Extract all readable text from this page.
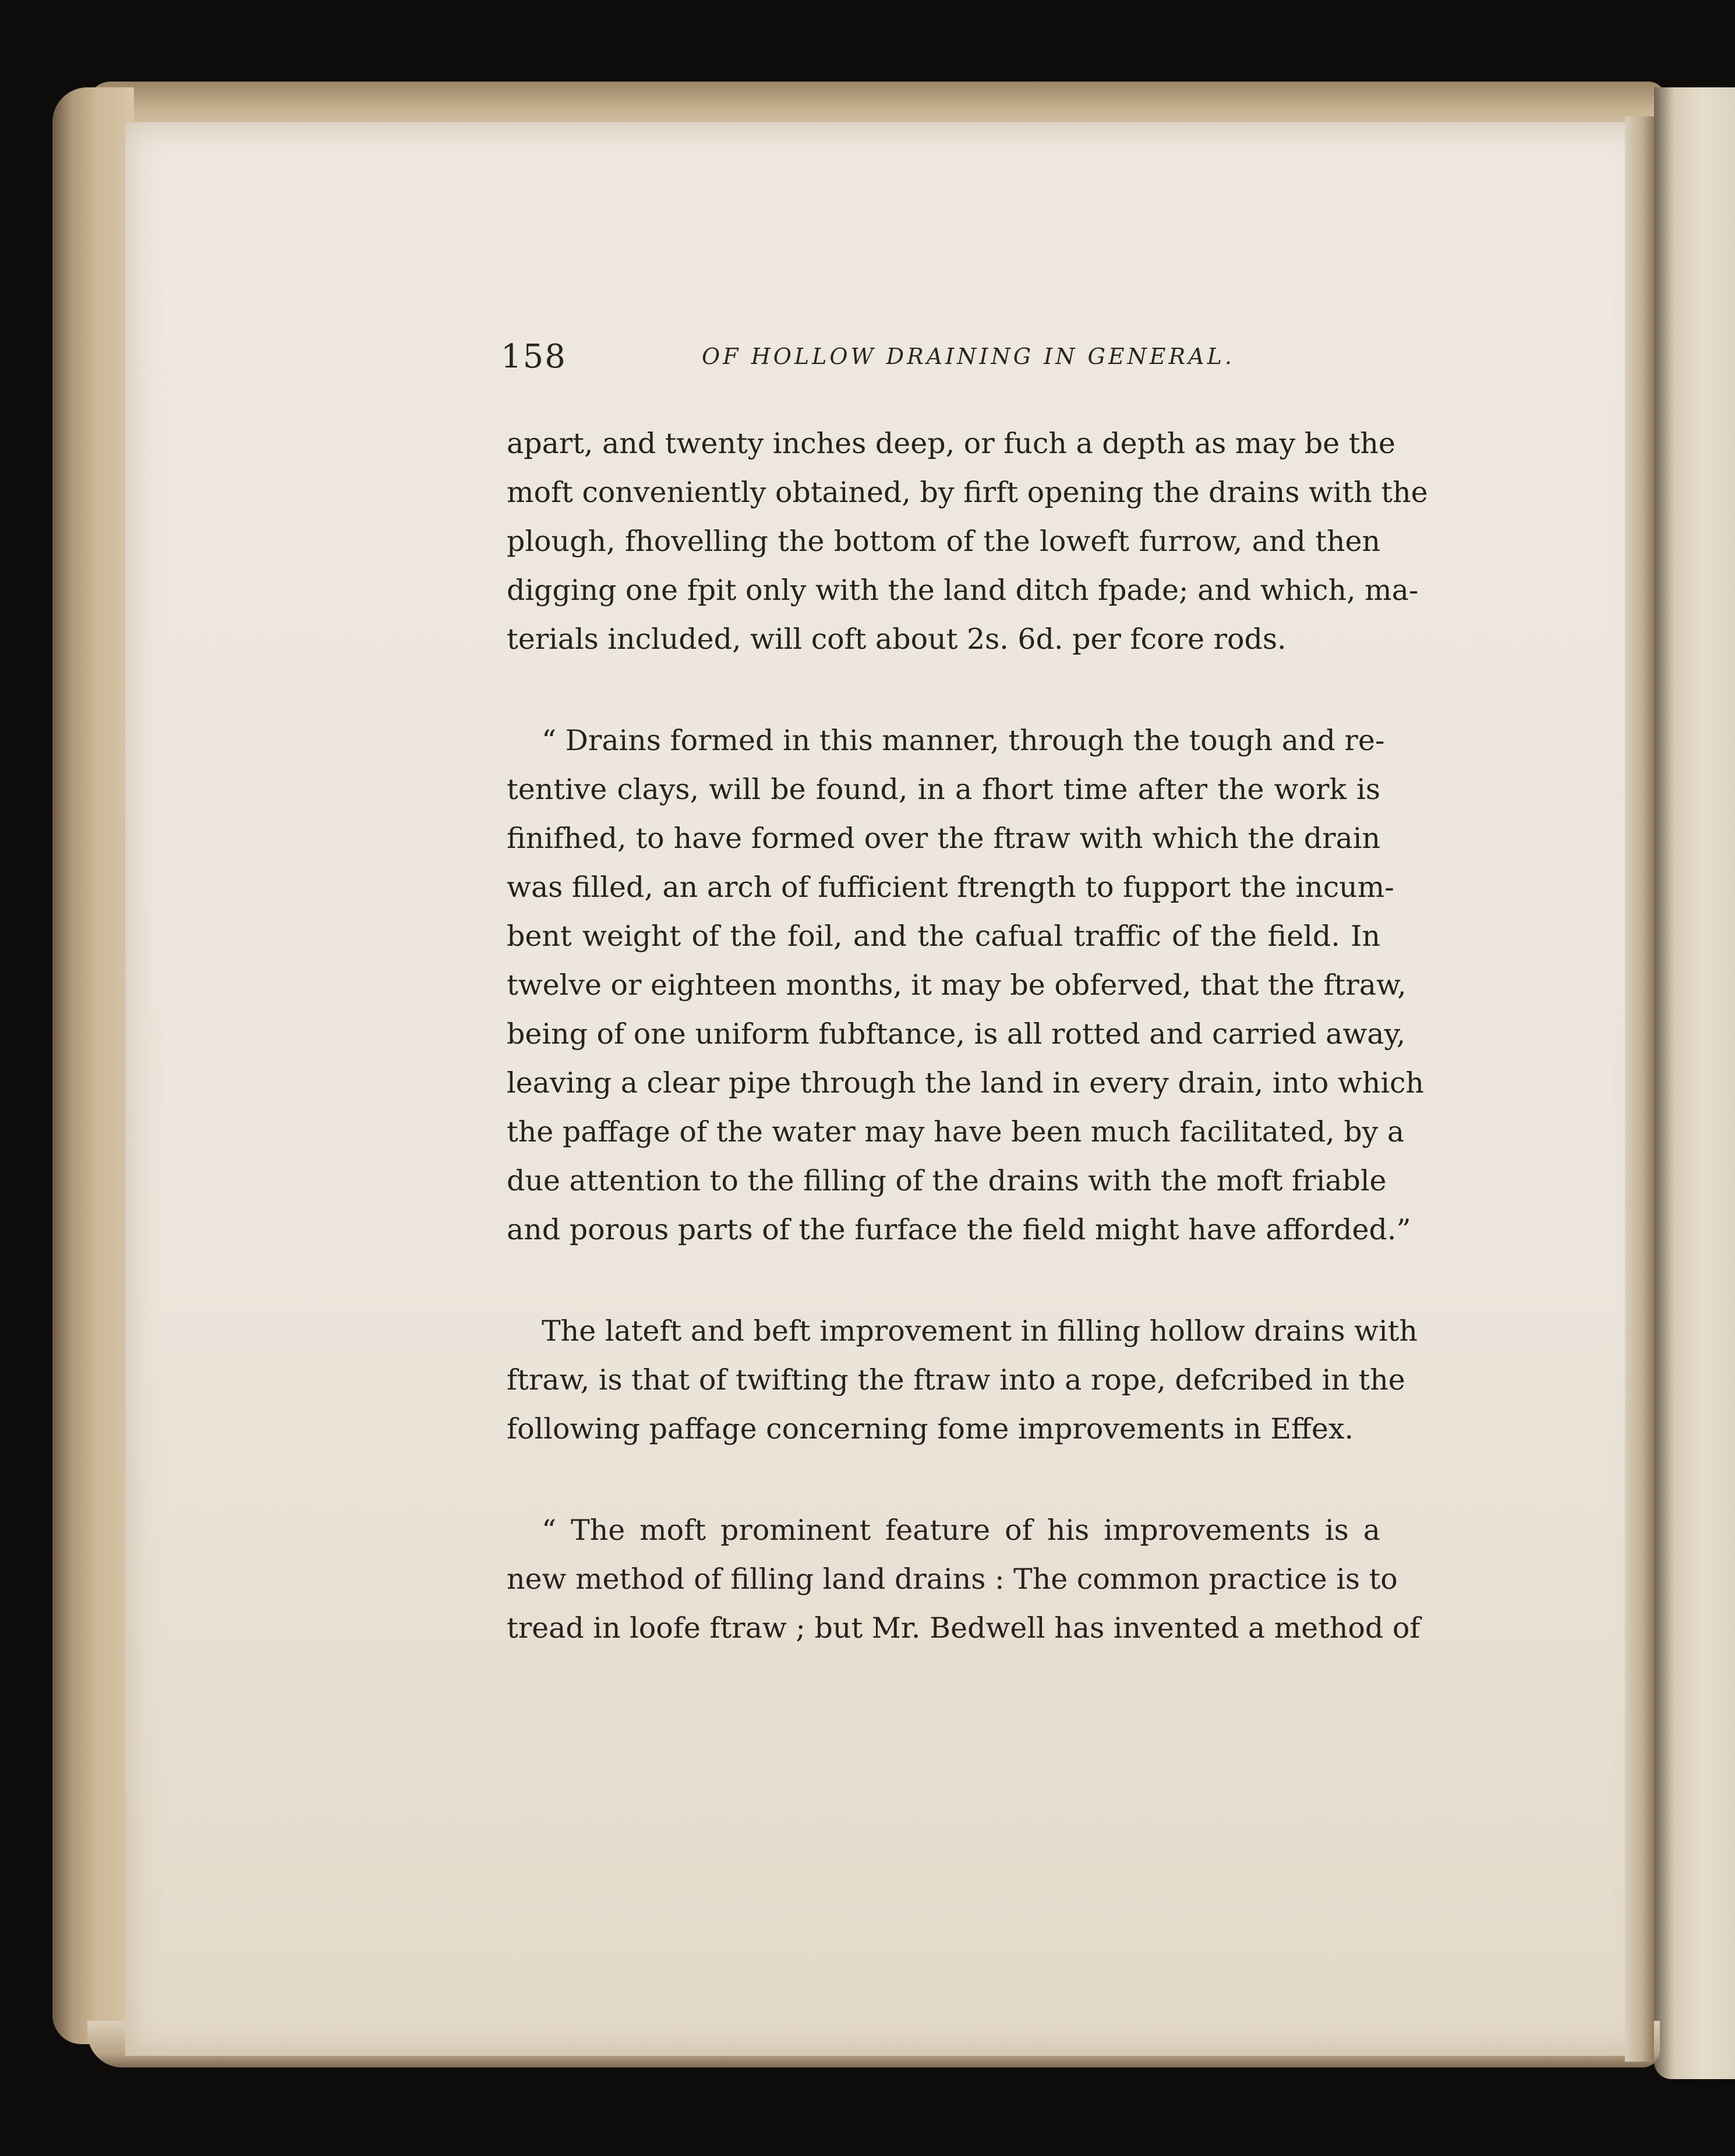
158	OF HOLLOW DRAINING IN GENERAL.
apart, and twenty inches deep, or fuch a depth as may be the
moft conveniently obtained, by firft opening the drains with the
plough, fhovelling the bottom of the loweft furrow, and then
digging one fpit only with the land ditch fpade; and which, ma-
terials included, will coft about 2s. 6d. per fcore rods.
“ Drains formed in this manner, through the tough and re-
tentive clays, will be found, in a fhort time after the work is
finifhed, to have formed over the ftraw with which the drain
was filled, an arch of fufficient ftrength to fupport the incum-
bent weight of the foil, and the cafual traffic of the field. In
twelve or eighteen months, it may be obferved, that the ftraw,
being of one uniform fubftance, is all rotted and carried away,
leaving a clear pipe through the land in every drain, into which
the paffage of the water may have been much facilitated, by a
due attention to the filling of the drains with the moft friable
and porous parts of the furface the field might have afforded.”
The lateft and beft improvement in filling hollow drains with
ftraw, is that of twifting the ftraw into a rope, defcribed in the
following paffage concerning fome improvements in Effex.
“ The moft prominent feature of his improvements is a
new method of filling land drains : The common practice is to
tread in loofe ftraw ; but Mr. Bedwell has invented a method of
